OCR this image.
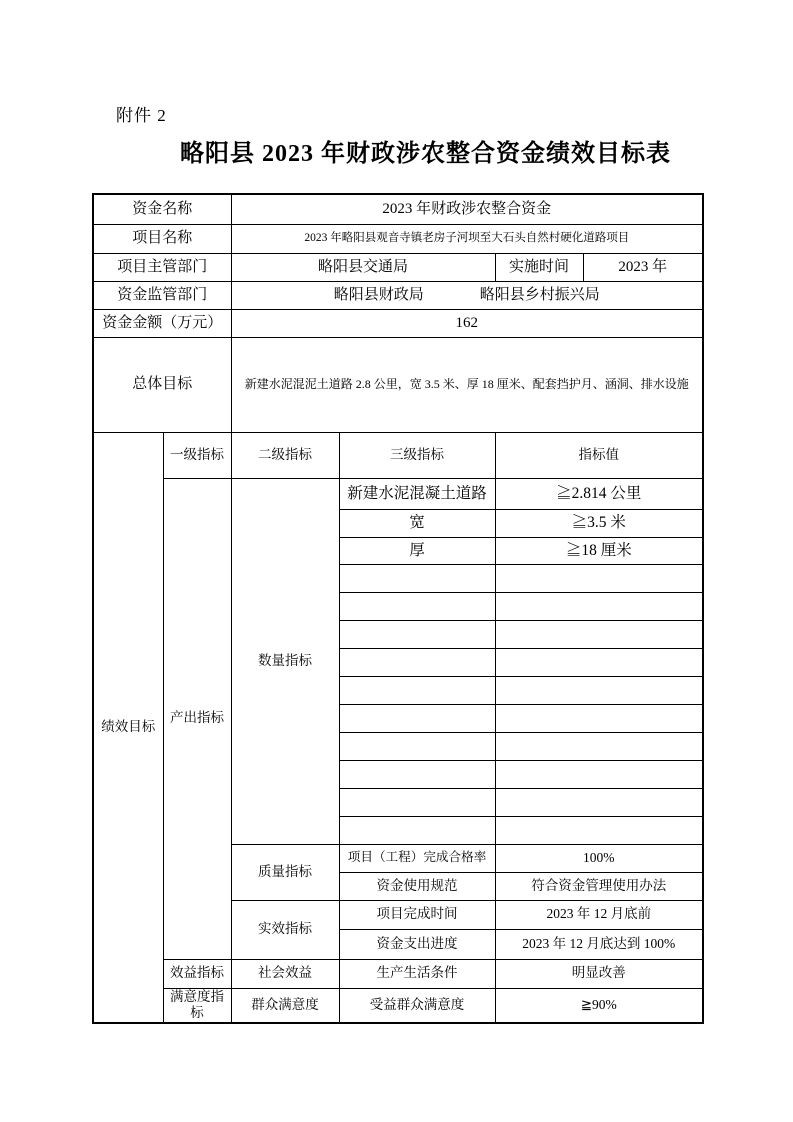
附件 2
略阳县 2023 年财政涉农整合资金绩效目标表
资金名称		2023 年财政涉农整合资金			
项目名称		2023 年略阳县观音寺镇老房子河坝至大石头自然村硬化道路项目			
项目主管部门		略阳县交通局		实施时间	2023 年
资金监管部门		略阳县财政局 略阳县乡村振兴局			
资金金额（万元）		162			
总体目标		新建水泥混泥土道路 2.8 公里，宽 3.5 米、厚 18 厘米、配套挡护月、涵洞、排水设施			
绩效目标	一级指标	二级指标	三级指标	指标值	
	产出指标	数量指标	新建水泥混凝土道路	≧2.814 公里	
			宽	≧3.5 米	
			厚	≧18 厘米	

		质量指标	项目（工程）完成合格率	100%	
			资金使用规范	符合资金管理使用办法	
		实效指标	项目完成时间	2023 年 12 月底前	
			资金支出进度	2023 年 12 月底达到 100%	
	效益指标	社会效益	生产生活条件	明显改善	
	满意度指标	群众满意度	受益群众满意度	≧90%	
